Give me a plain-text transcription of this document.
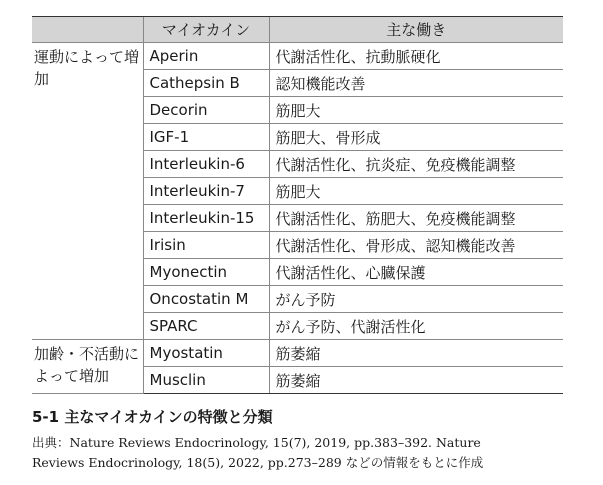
	マイオカイン	主な働き
運動によって増加	Aperin	代謝活性化、抗動脈硬化
	Cathepsin B	認知機能改善
	Decorin	筋肥大
	IGF-1	筋肥大、骨形成
	Interleukin-6	代謝活性化、抗炎症、免疫機能調整
	Interleukin-7	筋肥大
	Interleukin-15	代謝活性化、筋肥大、免疫機能調整
	Irisin	代謝活性化、骨形成、認知機能改善
	Myonectin	代謝活性化、心臓保護
	Oncostatin M	がん予防
	SPARC	がん予防、代謝活性化
加齢・不活動によって増加	Myostatin	筋萎縮
	Musclin	筋萎縮
5-1 主なマイオカインの特徴と分類
出典：Nature Reviews Endocrinology, 15(7), 2019, pp.383–392. Nature
Reviews Endocrinology, 18(5), 2022, pp.273–289 などの情報をもとに作成
